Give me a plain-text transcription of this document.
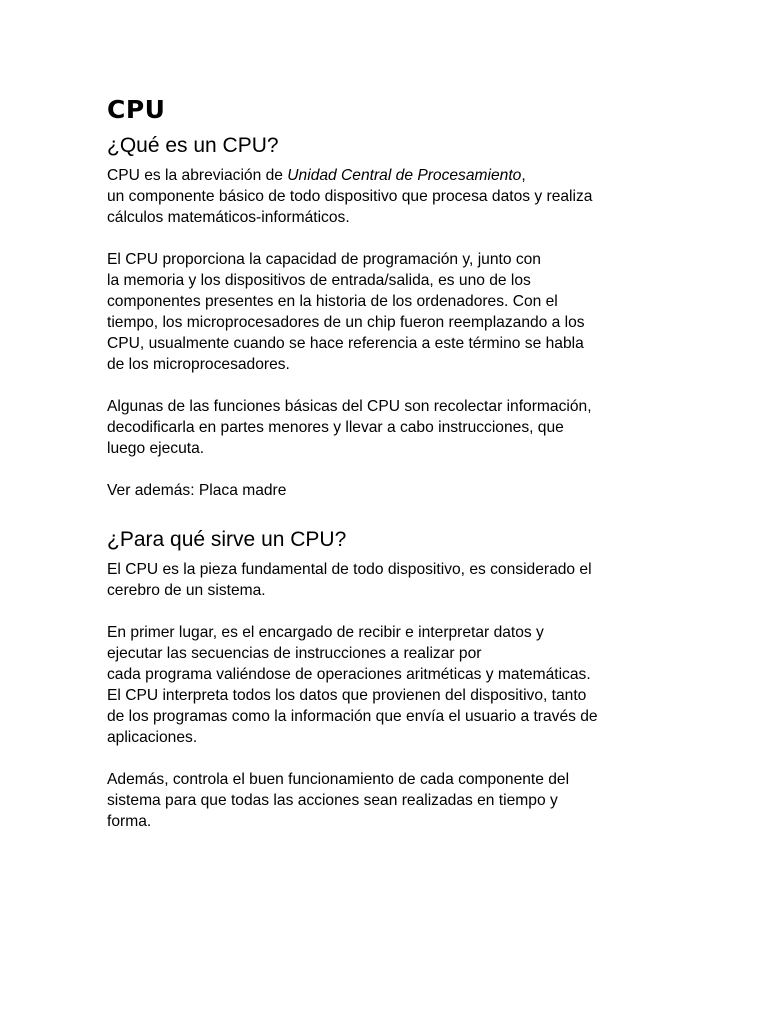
CPU
¿Qué es un CPU?

CPU es la abreviación de Unidad Central de Procesamiento,
un componente básico de todo dispositivo que procesa datos y realiza
cálculos matemáticos-informáticos.

El CPU proporciona la capacidad de programación y, junto con
la memoria y los dispositivos de entrada/salida, es uno de los
componentes presentes en la historia de los ordenadores. Con el
tiempo, los microprocesadores de un chip fueron reemplazando a los
CPU, usualmente cuando se hace referencia a este término se habla
de los microprocesadores.

Algunas de las funciones básicas del CPU son recolectar información,
decodificarla en partes menores y llevar a cabo instrucciones, que
luego ejecuta.

Ver además: Placa madre

¿Para qué sirve un CPU?

El CPU es la pieza fundamental de todo dispositivo, es considerado el
cerebro de un sistema.

En primer lugar, es el encargado de recibir e interpretar datos y
ejecutar las secuencias de instrucciones a realizar por
cada programa valiéndose de operaciones aritméticas y matemáticas.
El CPU interpreta todos los datos que provienen del dispositivo, tanto
de los programas como la información que envía el usuario a través de
aplicaciones.

Además, controla el buen funcionamiento de cada componente del
sistema para que todas las acciones sean realizadas en tiempo y
forma.
